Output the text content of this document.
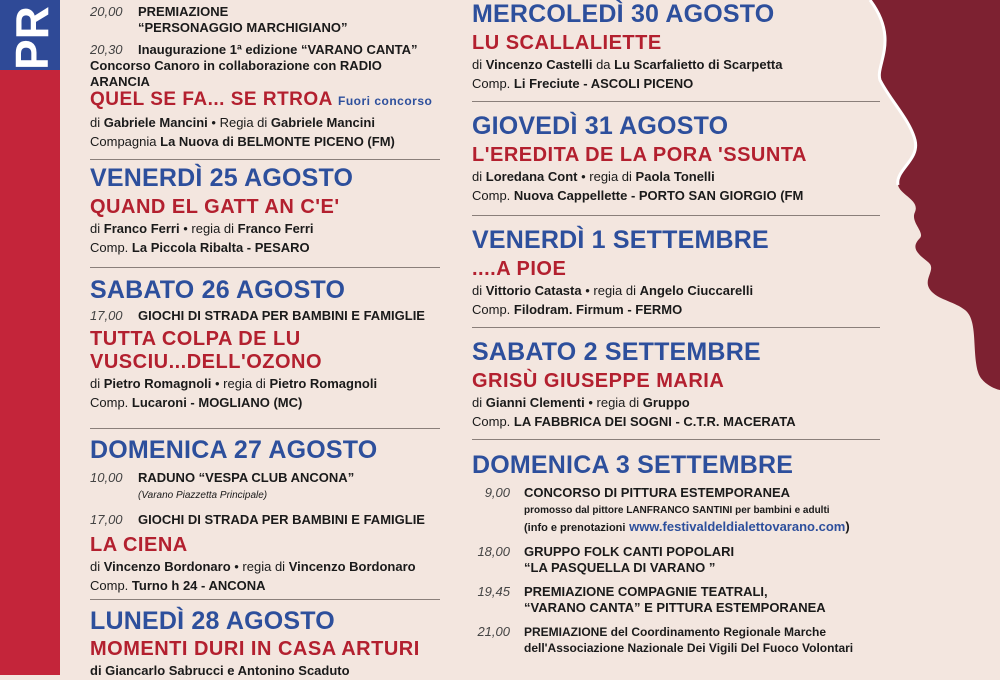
PR 20,00	PREMIAZIONE
“PERSONAGGIO MARCHIGIANO”
20,30	Inaugurazione 1ª edizione “VARANO CANTA”
Concorso Canoro in collaborazione con RADIO ARANCIA
QUEL SE FA... SE RTROA Fuori concorso
di Gabriele Mancini • Regia di Gabriele Mancini
Compagnia La Nuova di BELMONTE PICENO (FM)
VENERDÌ 25 AGOSTO
QUAND EL GATT AN C'E'
di Franco Ferri • regia di Franco Ferri
Comp. La Piccola Ribalta - PESARO
SABATO 26 AGOSTO
17,00	GIOCHI DI STRADA PER BAMBINI E FAMIGLIE
TUTTA COLPA DE LU
VUSCIU...DELL'OZONO
di Pietro Romagnoli • regia di Pietro Romagnoli
Comp. Lucaroni - MOGLIANO (MC)
DOMENICA 27 AGOSTO
10,00	RADUNO “VESPA CLUB ANCONA”
(Varano Piazzetta Principale)
17,00	GIOCHI DI STRADA PER BAMBINI E FAMIGLIE
LA CIENA
di Vincenzo Bordonaro • regia di Vincenzo Bordonaro
Comp. Turno h 24 - ANCONA
LUNEDÌ 28 AGOSTO
MOMENTI DURI IN CASA ARTURI
di Giancarlo Sabrucci e Antonino Scaduto
MERCOLEDÌ 30 AGOSTO
LU SCALLALIETTE
di Vincenzo Castelli da Lu Scarfalietto di Scarpetta
Comp. Li Freciute - ASCOLI PICENO
GIOVEDÌ 31 AGOSTO
L'EREDITA DE LA PORA 'SSUNTA
di Loredana Cont • regia di Paola Tonelli
Comp. Nuova Cappellette - PORTO SAN GIORGIO (FM
VENERDÌ 1 SETTEMBRE
....A PIOE
di Vittorio Catasta • regia di Angelo Ciuccarelli
Comp. Filodram. Firmum - FERMO
SABATO 2 SETTEMBRE
GRISÙ GIUSEPPE MARIA
di Gianni Clementi • regia di Gruppo
Comp. LA FABBRICA DEI SOGNI - C.T.R. MACERATA
DOMENICA 3 SETTEMBRE
9,00	CONCORSO DI PITTURA ESTEMPORANEA
promosso dal pittore LANFRANCO SANTINI per bambini e adulti
(info e prenotazioni www.festivaldeldialettovarano.com)
18,00	GRUPPO FOLK CANTI POPOLARI
“LA PASQUELLA DI VARANO ”
19,45	PREMIAZIONE COMPAGNIE TEATRALI,
“VARANO CANTA” E PITTURA ESTEMPORANEA
21,00	PREMIAZIONE del Coordinamento Regionale Marche
dell'Associazione Nazionale Dei Vigili Del Fuoco Volontari
